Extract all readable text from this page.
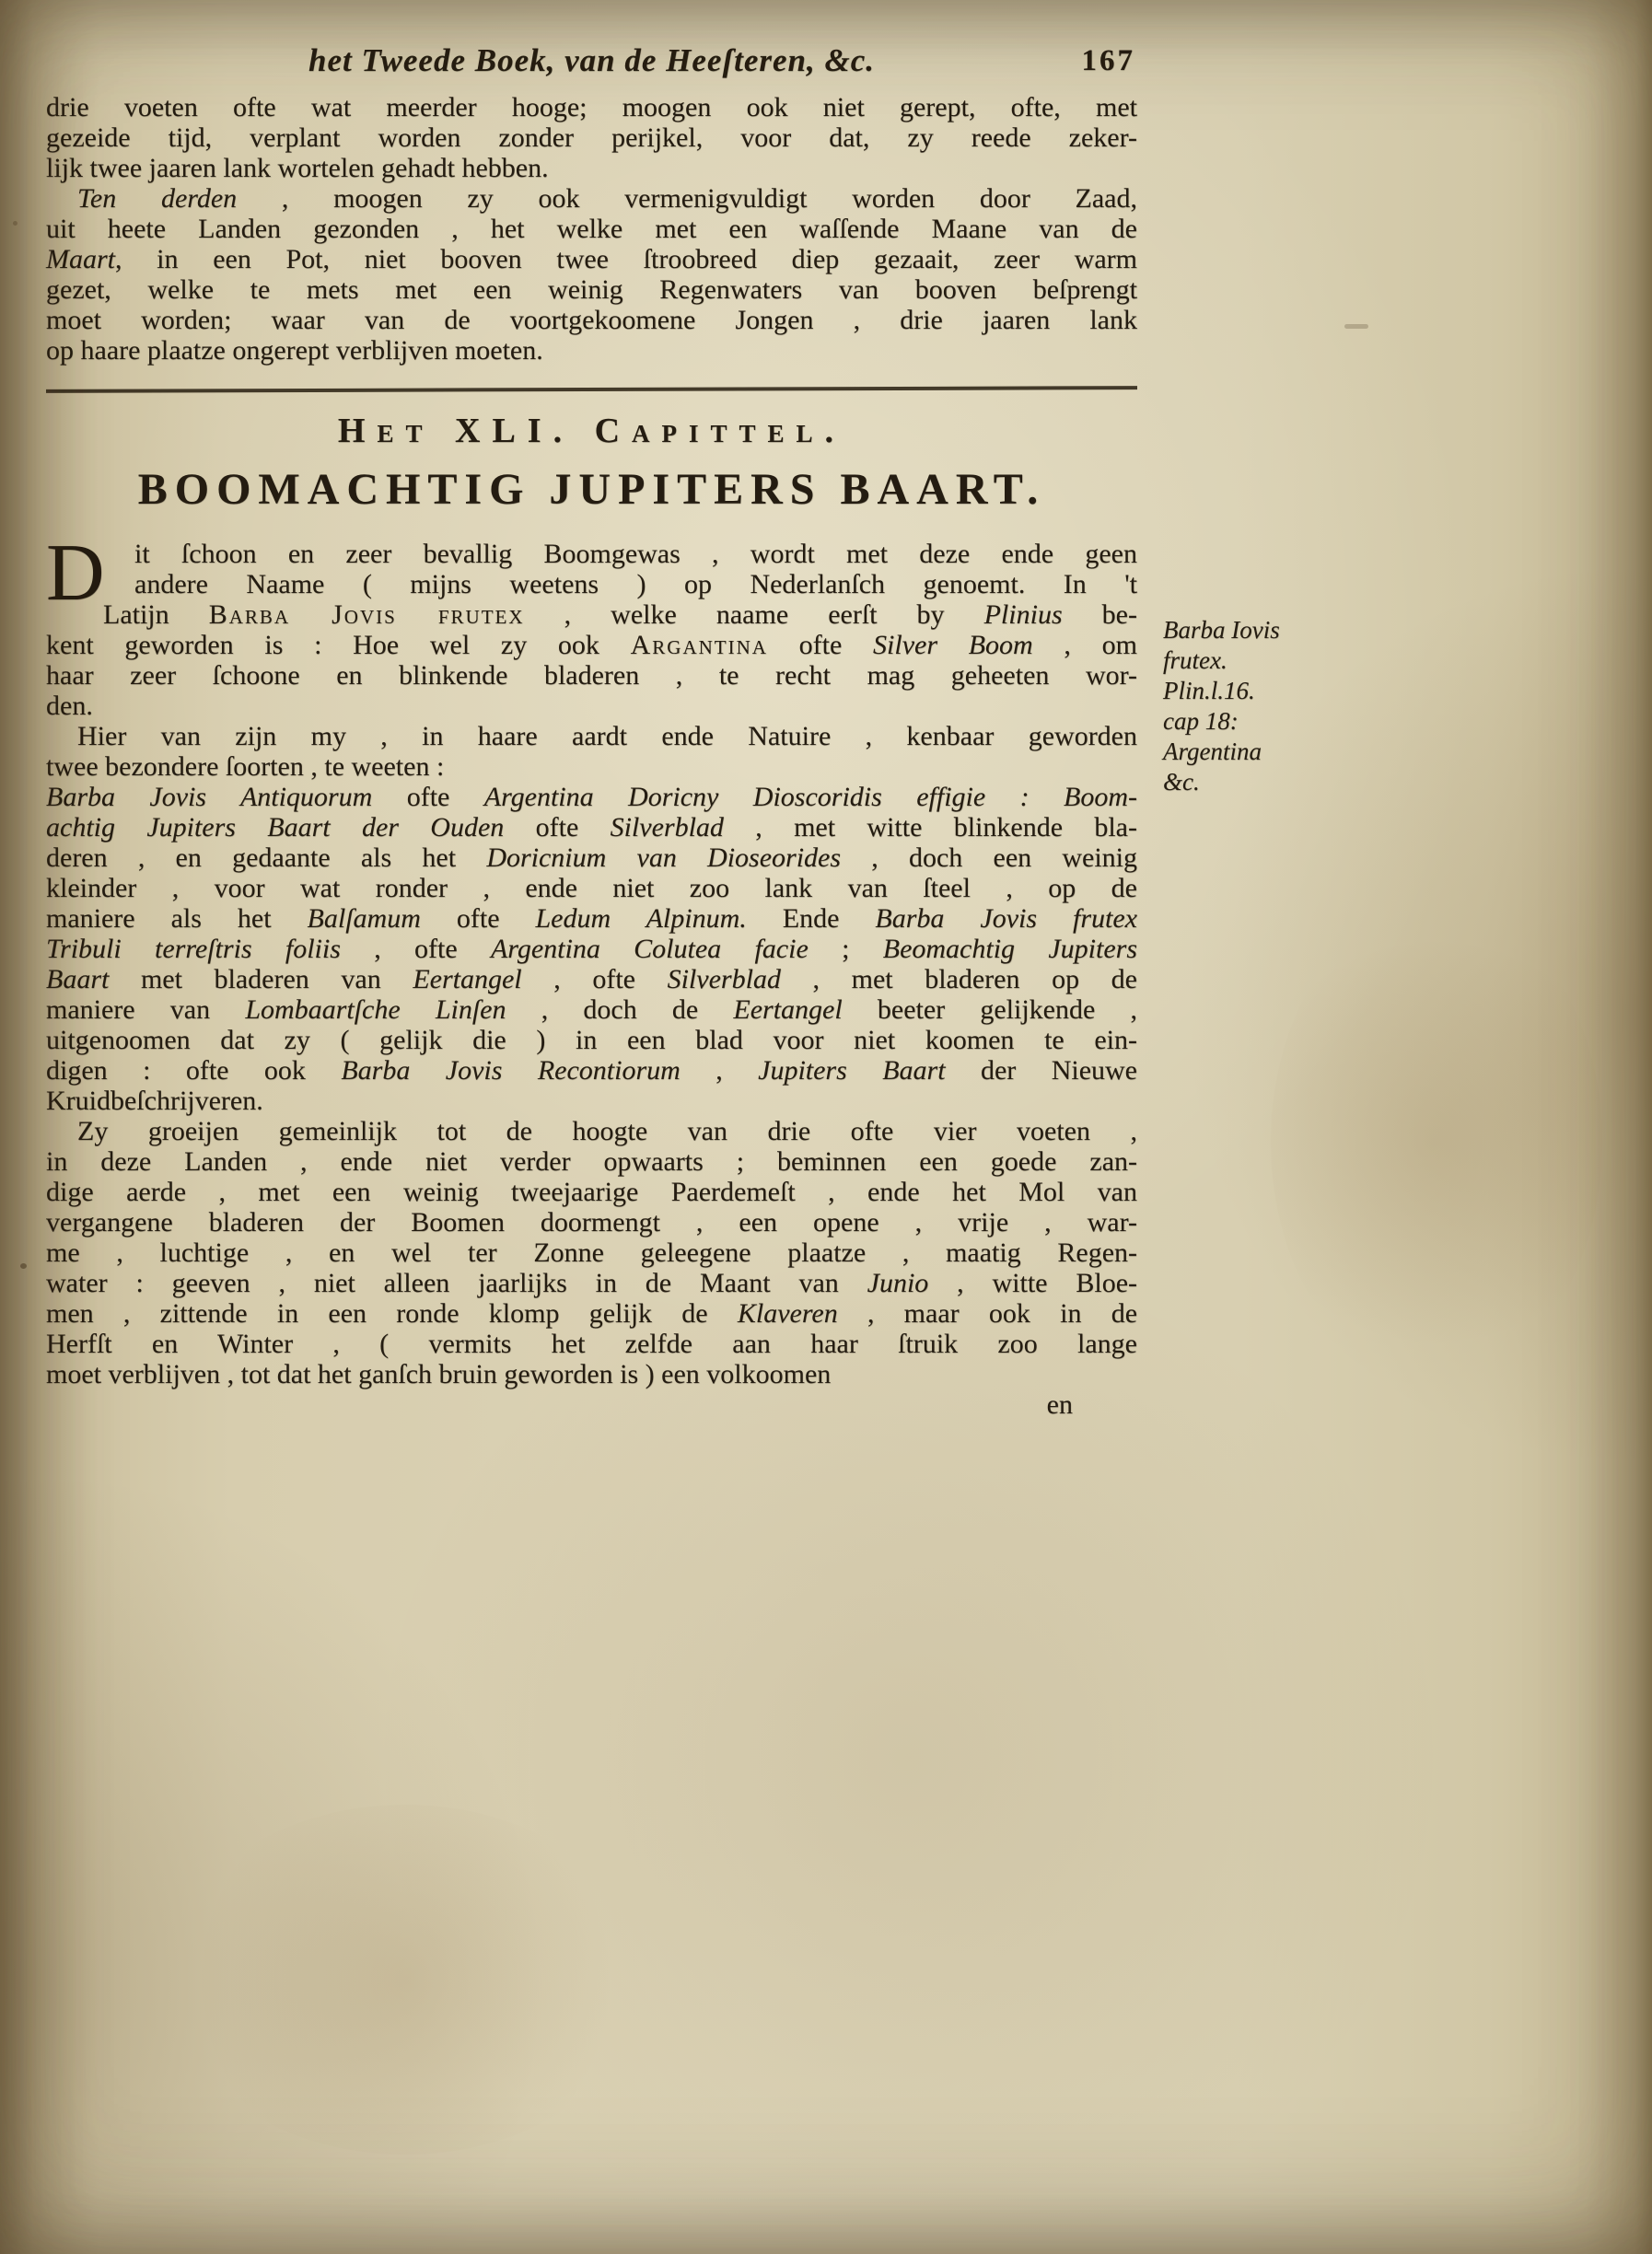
het Tweede Boek, van de Heeſteren, &c.	167
drie voeten ofte wat meerder hooge; moogen ook niet gerept, ofte, met
gezeide tijd, verplant worden zonder perijkel, voor dat, zy reede zeker-
lijk twee jaaren lank wortelen gehadt hebben.
Ten derden , moogen zy ook vermenigvuldigt worden door Zaad,
uit heete Landen gezonden , het welke met een waſſende Maane van de
Maart, in een Pot, niet booven twee ſtroobreed diep gezaait, zeer warm
gezet, welke te mets met een weinig Regenwaters van booven beſprengt
moet worden; waar van de voortgekoomene Jongen , drie jaaren lank
op haare plaatze ongerept verblijven moeten.
Het XLI. Capittel.
BOOMACHTIG JUPITERS BAART.
D	it ſchoon en zeer bevallig Boomgewas , wordt met deze ende geen
andere Naame ( mijns weetens ) op Nederlanſch genoemt. In 't
Latijn Barba Jovis frutex , welke naame eerſt by Plinius be-
kent geworden is : Hoe wel zy ook Argantina ofte Silver Boom , om
haar zeer ſchoone en blinkende bladeren , te recht mag geheeten wor-
den.
Hier van zijn my , in haare aardt ende Natuire , kenbaar geworden
twee bezondere ſoorten , te weeten :
Barba Jovis Antiquorum ofte Argentina Doricny Dioscoridis effigie : Boom-
achtig Jupiters Baart der Ouden ofte Silverblad , met witte blinkende bla-
deren , en gedaante als het Doricnium van Dioseorides , doch een weinig
kleinder , voor wat ronder , ende niet zoo lank van ſteel , op de
maniere als het Balſamum ofte Ledum Alpinum. Ende Barba Jovis frutex
Tribuli terreſtris foliis , ofte Argentina Colutea facie ; Beomachtig Jupiters
Baart met bladeren van Eertangel , ofte Silverblad , met bladeren op de
maniere van Lombaartſche Linſen , doch de Eertangel beeter gelijkende ,
uitgenoomen dat zy ( gelijk die ) in een blad voor niet koomen te ein-
digen : ofte ook Barba Jovis Recontiorum , Jupiters Baart der Nieuwe
Kruidbeſchrijveren.
Zy groeijen gemeinlijk tot de hoogte van drie ofte vier voeten ,
in deze Landen , ende niet verder opwaarts ; beminnen een goede zan-
dige aerde , met een weinig tweejaarige Paerdemeſt , ende het Mol van
vergangene bladeren der Boomen doormengt , een opene , vrije , war-
me , luchtige , en wel ter Zonne geleegene plaatze , maatig Regen-
water : geeven , niet alleen jaarlijks in de Maant van Junio , witte Bloe-
men , zittende in een ronde klomp gelijk de Klaveren , maar ook in de
Herfſt en Winter , ( vermits het zelfde aan haar ſtruik zoo lange
moet verblijven , tot dat het ganſch bruin geworden is ) een volkoomen
en
Barba Iovis
frutex.
Plin.l.16.
cap 18:
Argentina
&c.
